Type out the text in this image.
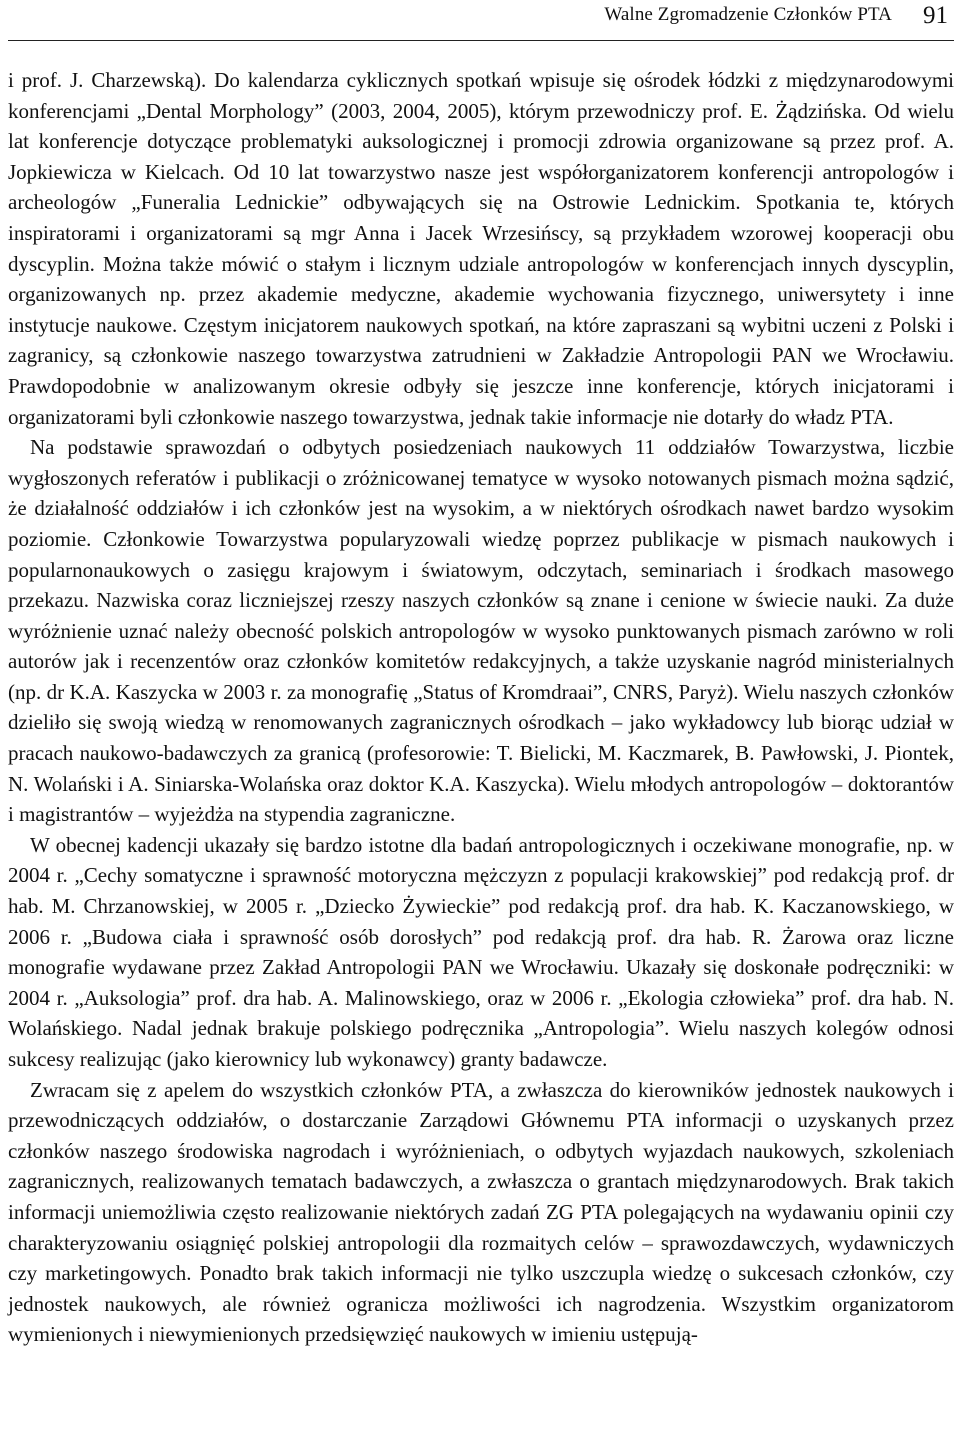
Walne Zgromadzenie Członków PTA 91

i prof. J. Charzewską). Do kalendarza cyklicznych spotkań wpisuje się ośrodek łódzki z międzynarodowymi konferencjami „Dental Morphology” (2003, 2004, 2005), którym przewodniczy prof. E. Żądzińska. Od wielu lat konferencje dotyczące problematyki auksologicznej i promocji zdrowia organizowane są przez prof. A. Jopkiewicza w Kielcach. Od 10 lat towarzystwo nasze jest współorganizatorem konferencji antropologów i archeologów „Funeralia Lednickie” odbywających się na Ostrowie Lednickim. Spotkania te, których inspiratorami i organizatorami są mgr Anna i Jacek Wrzesińscy, są przykładem wzorowej kooperacji obu dyscyplin. Można także mówić o stałym i licznym udziale antropologów w konferencjach innych dyscyplin, organizowanych np. przez akademie medyczne, akademie wychowania fizycznego, uniwersytety i inne instytucje naukowe. Częstym inicjatorem naukowych spotkań, na które zapraszani są wybitni uczeni z Polski i zagranicy, są członkowie naszego towarzystwa zatrudnieni w Zakładzie Antropologii PAN we Wrocławiu. Prawdopodobnie w analizowanym okresie odbyły się jeszcze inne konferencje, których inicjatorami i organizatorami byli członkowie naszego towarzystwa, jednak takie informacje nie dotarły do władz PTA.

Na podstawie sprawozdań o odbytych posiedzeniach naukowych 11 oddziałów Towarzystwa, liczbie wygłoszonych referatów i publikacji o zróżnicowanej tematyce w wysoko notowanych pismach można sądzić, że działalność oddziałów i ich członków jest na wysokim, a w niektórych ośrodkach nawet bardzo wysokim poziomie. Członkowie Towarzystwa popularyzowali wiedzę poprzez publikacje w pismach naukowych i popularnonaukowych o zasięgu krajowym i światowym, odczytach, seminariach i środkach masowego przekazu. Nazwiska coraz liczniejszej rzeszy naszych członków są znane i cenione w świecie nauki. Za duże wyróżnienie uznać należy obecność polskich antropologów w wysoko punktowanych pismach zarówno w roli autorów jak i recenzentów oraz członków komitetów redakcyjnych, a także uzyskanie nagród ministerialnych (np. dr K.A. Kaszycka w 2003 r. za monografię „Status of Kromdraai”, CNRS, Paryż). Wielu naszych członków dzieliło się swoją wiedzą w renomowanych zagranicznych ośrodkach – jako wykładowcy lub biorąc udział w pracach naukowo-badawczych za granicą (profesorowie: T. Bielicki, M. Kaczmarek, B. Pawłowski, J. Piontek, N. Wolański i A. Siniarska-Wolańska oraz doktor K.A. Kaszycka). Wielu młodych antropologów – doktorantów i magistrantów – wyjeżdża na stypendia zagraniczne.

W obecnej kadencji ukazały się bardzo istotne dla badań antropologicznych i oczekiwane monografie, np. w 2004 r. „Cechy somatyczne i sprawność motoryczna mężczyzn z populacji krakowskiej” pod redakcją prof. dr hab. M. Chrzanowskiej, w 2005 r. „Dziecko Żywieckie” pod redakcją prof. dra hab. K. Kaczanowskiego, w 2006 r. „Budowa ciała i sprawność osób dorosłych” pod redakcją prof. dra hab. R. Żarowa oraz liczne monografie wydawane przez Zakład Antropologii PAN we Wrocławiu. Ukazały się doskonałe podręczniki: w 2004 r. „Auksologia” prof. dra hab. A. Malinowskiego, oraz w 2006 r. „Ekologia człowieka” prof. dra hab. N. Wolańskiego. Nadal jednak brakuje polskiego podręcznika „Antropologia”. Wielu naszych kolegów odnosi sukcesy realizując (jako kierownicy lub wykonawcy) granty badawcze.

Zwracam się z apelem do wszystkich członków PTA, a zwłaszcza do kierowników jednostek naukowych i przewodniczących oddziałów, o dostarczanie Zarządowi Głównemu PTA informacji o uzyskanych przez członków naszego środowiska nagrodach i wyróżnieniach, o odbytych wyjazdach naukowych, szkoleniach zagranicznych, realizowanych tematach badawczych, a zwłaszcza o grantach międzynarodowych. Brak takich informacji uniemożliwia często realizowanie niektórych zadań ZG PTA polegających na wydawaniu opinii czy charakteryzowaniu osiągnięć polskiej antropologii dla rozmaitych celów – sprawozdawczych, wydawniczych czy marketingowych. Ponadto brak takich informacji nie tylko uszczupla wiedzę o sukcesach członków, czy jednostek naukowych, ale również ogranicza możliwości ich nagrodzenia. Wszystkim organizatorom wymienionych i niewymienionych przedsięwzięć naukowych w imieniu ustępują-
